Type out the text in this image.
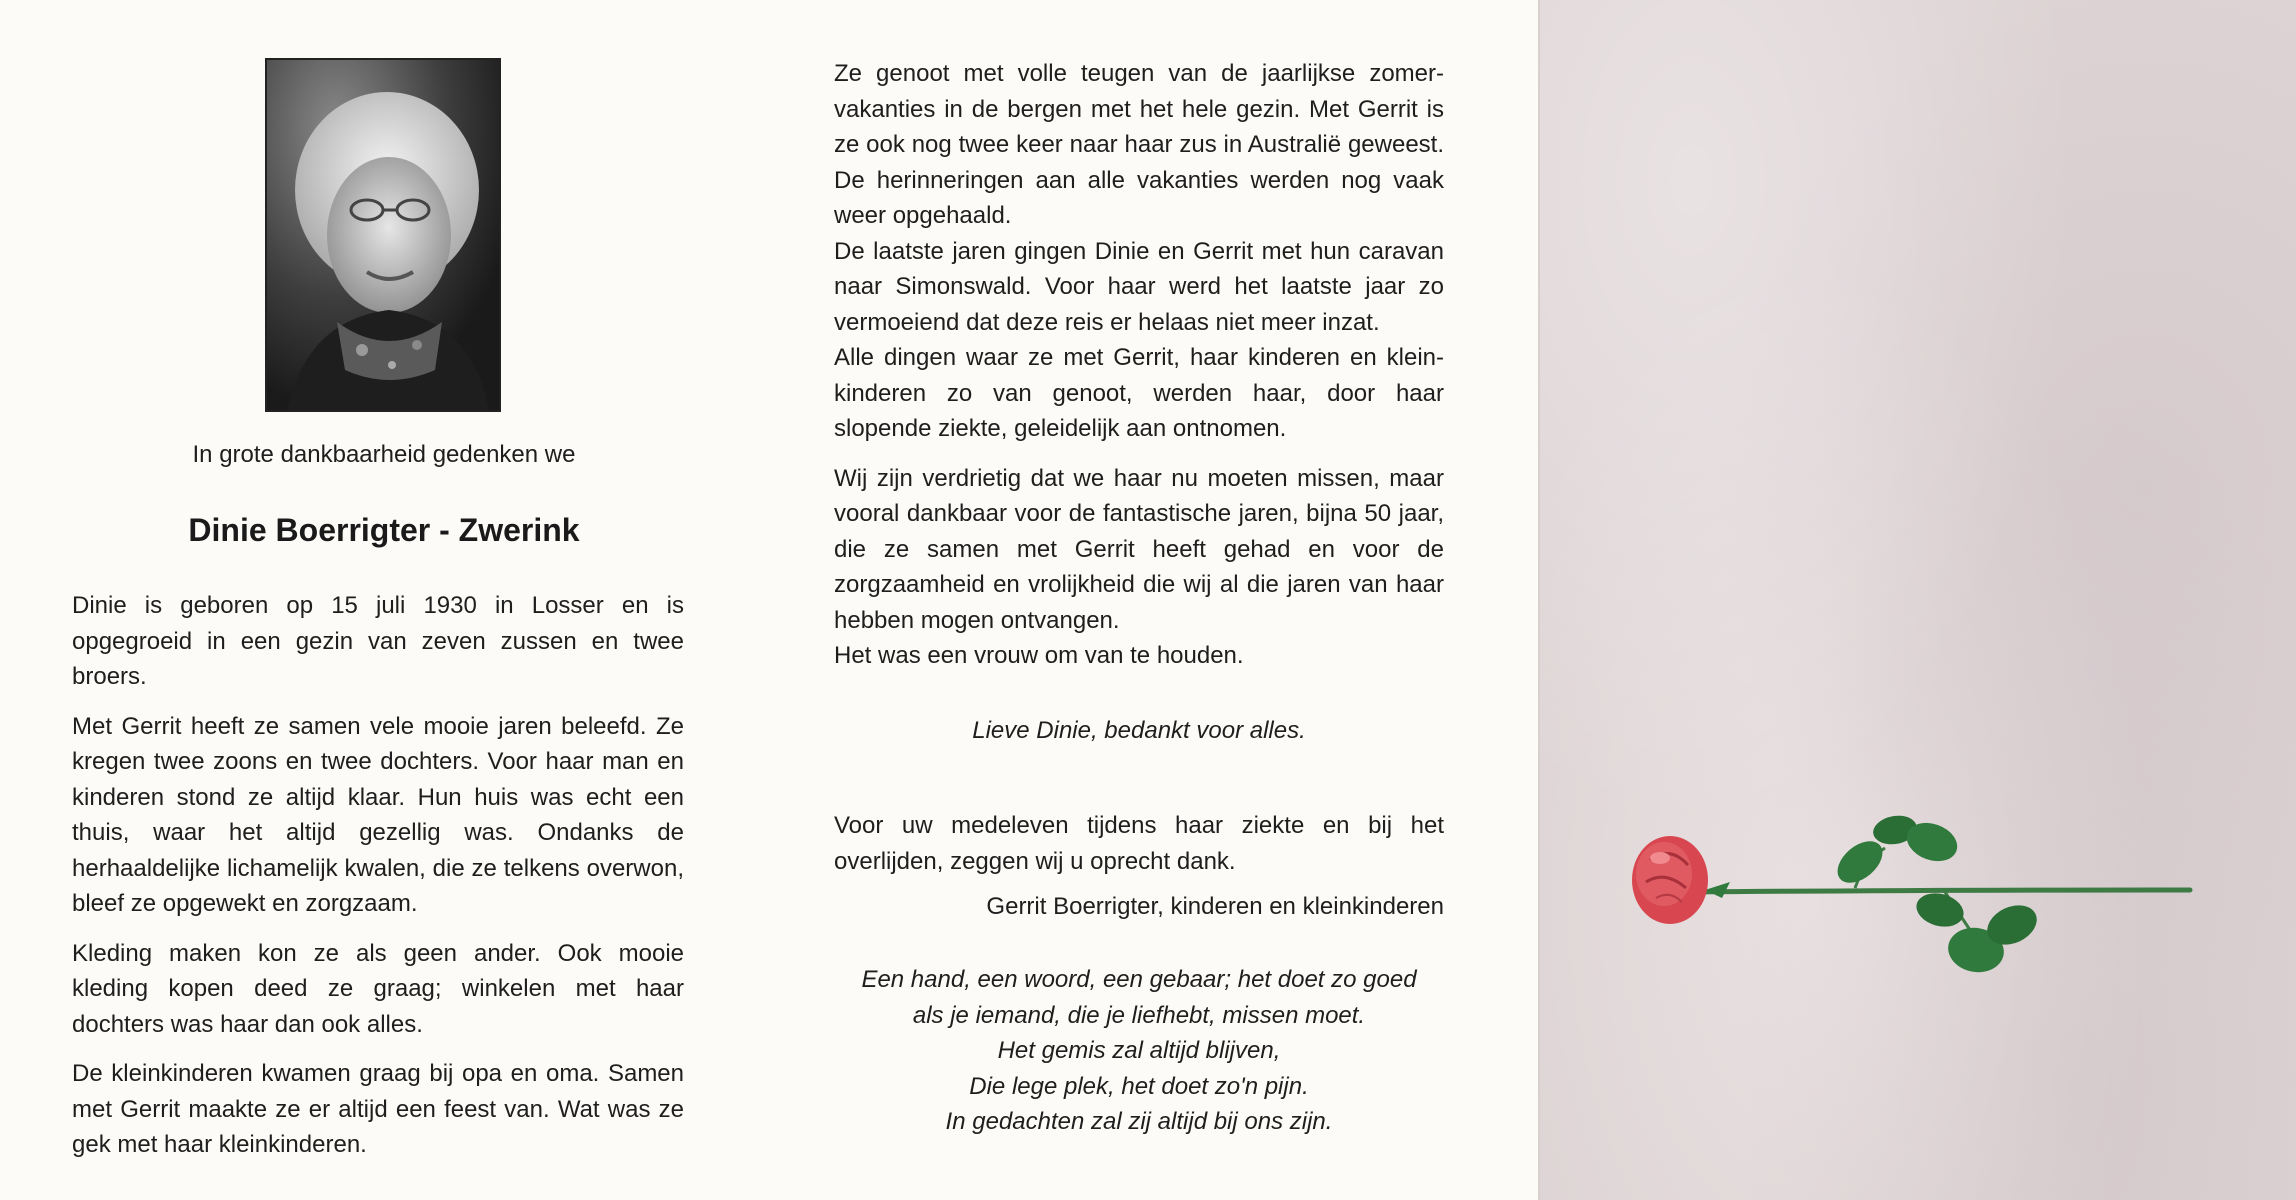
In grote dankbaarheid gedenken we
Dinie Boerrigter - Zwerink

Dinie is geboren op 15 juli 1930 in Losser en is opgegroeid in een gezin van zeven zussen en twee broers.

Met Gerrit heeft ze samen vele mooie jaren beleefd. Ze kregen twee zoons en twee dochters. Voor haar man en kinderen stond ze altijd klaar. Hun huis was echt een thuis, waar het altijd gezellig was. Ondanks de herhaaldelijke lichamelijk kwalen, die ze telkens overwon, bleef ze opgewekt en zorgzaam.

Kleding maken kon ze als geen ander. Ook mooie kleding kopen deed ze graag; winkelen met haar dochters was haar dan ook alles.

De kleinkinderen kwamen graag bij opa en oma. Samen met Gerrit maakte ze er altijd een feest van. Wat was ze gek met haar kleinkinderen.

Ze genoot met volle teugen van de jaarlijkse zomer-vakanties in de bergen met het hele gezin. Met Gerrit is ze ook nog twee keer naar haar zus in Australië geweest. De herinneringen aan alle vakanties werden nog vaak weer opgehaald.

De laatste jaren gingen Dinie en Gerrit met hun caravan naar Simonswald. Voor haar werd het laatste jaar zo vermoeiend dat deze reis er helaas niet meer inzat.

Alle dingen waar ze met Gerrit, haar kinderen en klein-kinderen zo van genoot, werden haar, door haar slopende ziekte, geleidelijk aan ontnomen.

Wij zijn verdrietig dat we haar nu moeten missen, maar vooral dankbaar voor de fantastische jaren, bijna 50 jaar, die ze samen met Gerrit heeft gehad en voor de zorgzaamheid en vrolijkheid die wij al die jaren van haar hebben mogen ontvangen.

Het was een vrouw om van te houden.

Lieve Dinie, bedankt voor alles.

Voor uw medeleven tijdens haar ziekte en bij het overlijden, zeggen wij u oprecht dank.

Gerrit Boerrigter, kinderen en kleinkinderen
Een hand, een woord, een gebaar; het doet zo goed
als je iemand, die je liefhebt, missen moet.
Het gemis zal altijd blijven,
Die lege plek, het doet zo'n pijn.
In gedachten zal zij altijd bij ons zijn.
